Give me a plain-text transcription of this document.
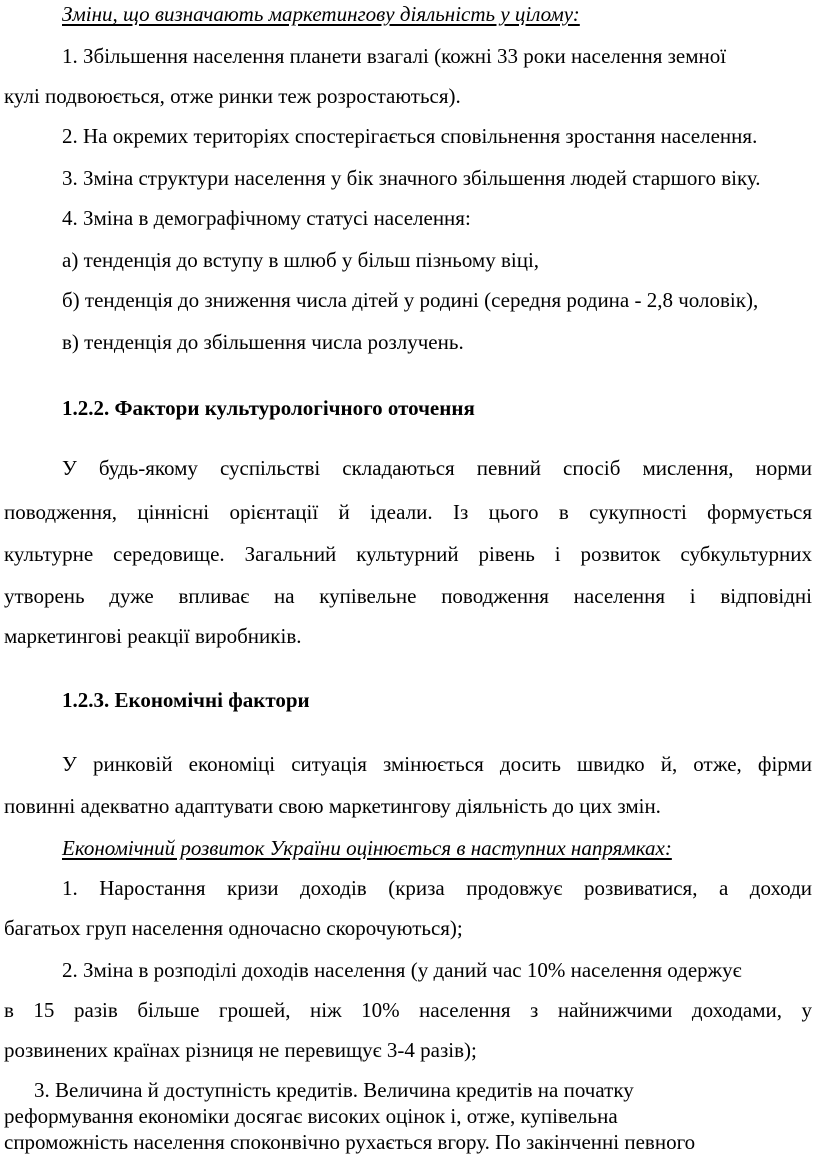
Зміни, що визначають маркетингову діяльність у цілому:
1. Збільшення населення планети взагалі (кожні 33 роки населення земної
кулі подвоюється, отже ринки теж розростаються).
2. На окремих територіях спостерігається сповільнення зростання населення.
3. Зміна структури населення у бік значного збільшення людей старшого віку.
4. Зміна в демографічному статусі населення:
а) тенденція до вступу в шлюб у більш пізньому віці,
б) тенденція до зниження числа дітей у родині (середня родина - 2,8 чоловік),
в) тенденція до збільшення числа розлучень.
1.2.2. Фактори культурологічного оточення
У будь-якому суспільстві складаються певний спосіб мислення, норми
поводження, ціннісні орієнтації й ідеали. Із цього в сукупності формується
культурне середовище. Загальний культурний рівень і розвиток субкультурних
утворень дуже впливає на купівельне поводження населення і відповідні
маркетингові реакції виробників.
1.2.3. Економічні фактори
У ринковій економіці ситуація змінюється досить швидко й, отже, фірми
повинні адекватно адаптувати свою маркетингову діяльність до цих змін.
Економічний розвиток України оцінюється в наступних напрямках:
1. Наростання кризи доходів (криза продовжує розвиватися, а доходи
багатьох груп населення одночасно скорочуються);
2. Зміна в розподілі доходів населення (у даний час 10% населення одержує
в 15 разів більше грошей, ніж 10% населення з найнижчими доходами, у
розвинених країнах різниця не перевищує 3-4 разів);
3. Величина й доступність кредитів. Величина кредитів на початку
реформування економіки досягає високих оцінок і, отже, купівельна
спроможність населення споконвічно рухається вгору. По закінченні певного
